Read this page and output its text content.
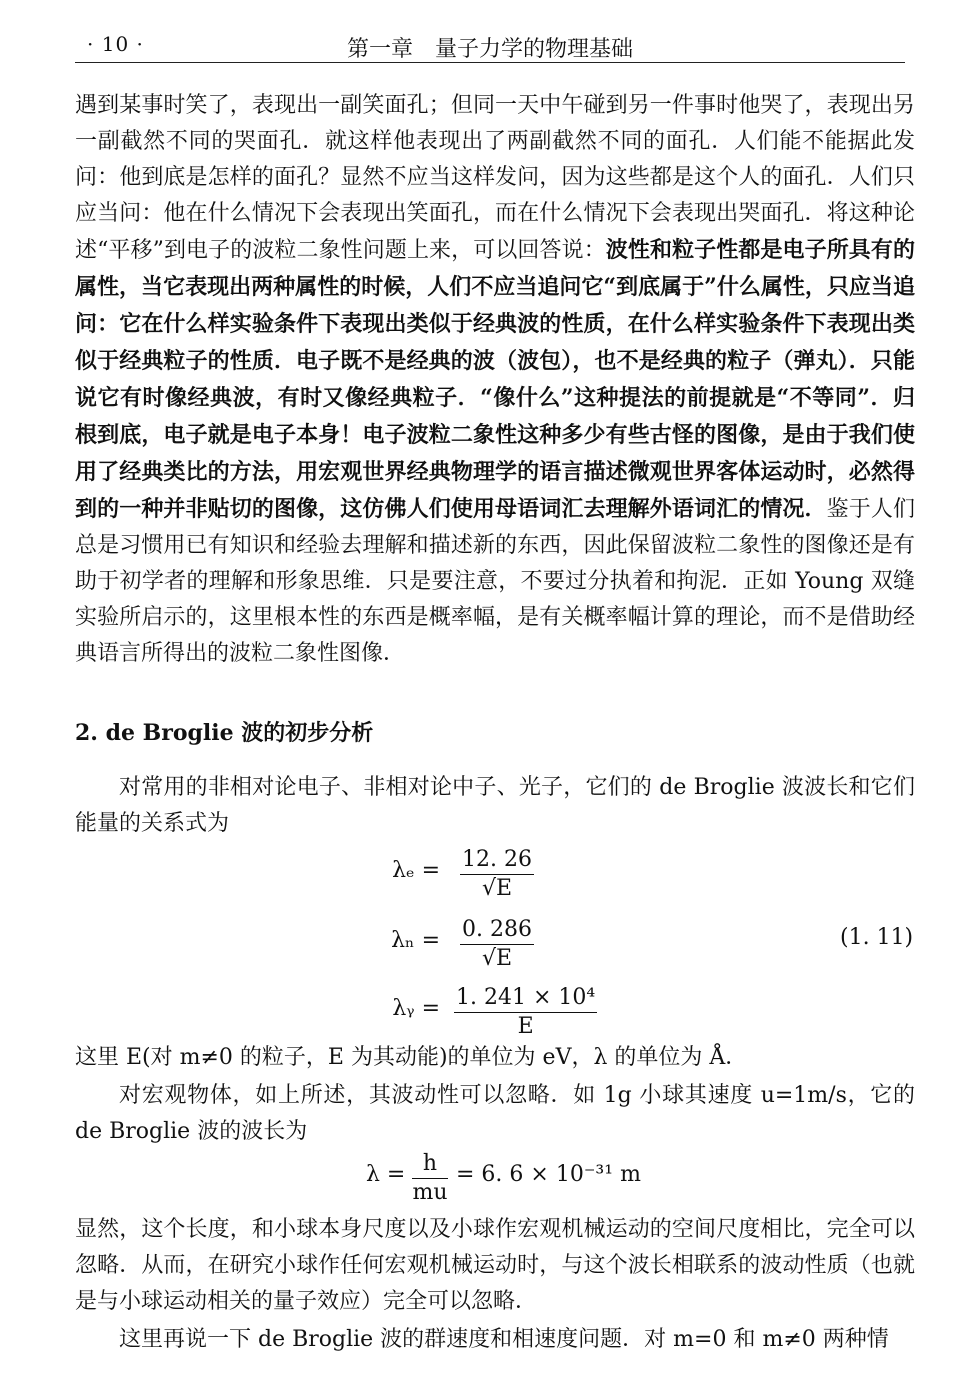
· 10 ·	第一章　量子力学的物理基础
遇到某事时笑了，表现出一副笑面孔；但同一天中午碰到另一件事时他哭了，表现出另一副截然不同的哭面孔．就这样他表现出了两副截然不同的面孔．人们能不能据此发问：他到底是怎样的面孔？显然不应当这样发问，因为这些都是这个人的面孔．人们只应当问：他在什么情况下会表现出笑面孔，而在什么情况下会表现出哭面孔．将这种论述“平移”到电子的波粒二象性问题上来，可以回答说：波性和粒子性都是电子所具有的属性，当它表现出两种属性的时候，人们不应当追问它“到底属于”什么属性，只应当追问：它在什么样实验条件下表现出类似于经典波的性质，在什么样实验条件下表现出类似于经典粒子的性质．电子既不是经典的波（波包），也不是经典的粒子（弹丸）．只能说它有时像经典波，有时又像经典粒子．“像什么”这种提法的前提就是“不等同”．归根到底，电子就是电子本身！电子波粒二象性这种多少有些古怪的图像，是由于我们使用了经典类比的方法，用宏观世界经典物理学的语言描述微观世界客体运动时，必然得到的一种并非贴切的图像，这仿佛人们使用母语词汇去理解外语词汇的情况．鉴于人们总是习惯用已有知识和经验去理解和描述新的东西，因此保留波粒二象性的图像还是有助于初学者的理解和形象思维．只是要注意，不要过分执着和拘泥．正如 Young 双缝实验所启示的，这里根本性的东西是概率幅，是有关概率幅计算的理论，而不是借助经典语言所得出的波粒二象性图像．
2. de Broglie 波的初步分析
对常用的非相对论电子、非相对论中子、光子，它们的 de Broglie 波波长和它们能量的关系式为
$\lambda_e = \frac{12. 26}{√E}$
$\lambda_n = \frac{0. 286}{√E}$
λᵧ = $\frac{\text{1. 241 × 10⁴}}{E}$
(1. 11)
这里 E(对 m≠0 的粒子，E 为其动能)的单位为 eV，λ 的单位为 Å．
对宏观物体，如上所述，其波动性可以忽略．如 1g 小球其速度 u=1m/s，它的 de Broglie 波的波长为
$\lambda = \frac{h}{mu} = 6$. 6 × 10⁻³¹ m
显然，这个长度，和小球本身尺度以及小球作宏观机械运动的空间尺度相比，完全可以忽略．从而，在研究小球作任何宏观机械运动时，与这个波长相联系的波动性质（也就是与小球运动相关的量子效应）完全可以忽略．
这里再说一下 de Broglie 波的群速度和相速度问题．对 m=0 和 m≠0 两种情
